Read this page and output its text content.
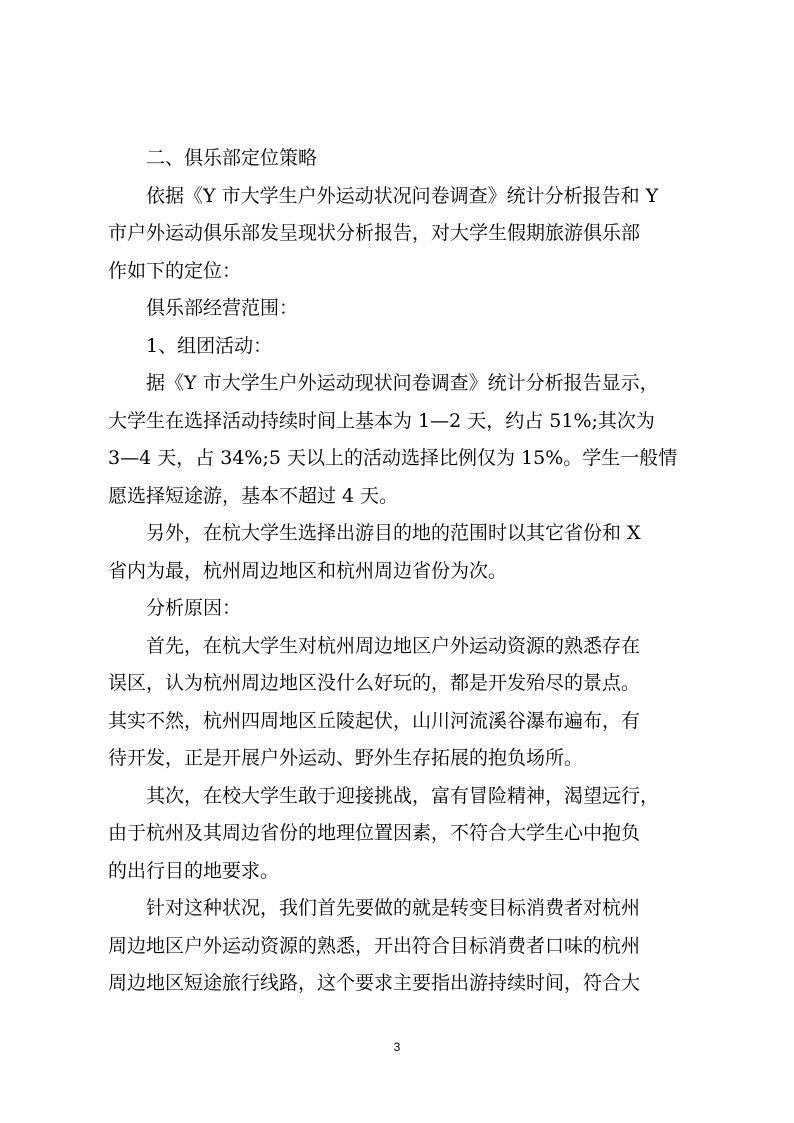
二、俱乐部定位策略
依据《Y 市大学生户外运动状况问卷调查》统计分析报告和 Y
市户外运动俱乐部发呈现状分析报告，对大学生假期旅游俱乐部
作如下的定位：
俱乐部经营范围：
1、组团活动：
据《Y 市大学生户外运动现状问卷调查》统计分析报告显示，
大学生在选择活动持续时间上基本为 1—2 天，约占 51%;其次为
3—4 天，占 34%;5 天以上的活动选择比例仅为 15%。学生一般情
愿选择短途游，基本不超过 4 天。
另外，在杭大学生选择出游目的地的范围时以其它省份和 X
省内为最，杭州周边地区和杭州周边省份为次。
分析原因：
首先，在杭大学生对杭州周边地区户外运动资源的熟悉存在
误区，认为杭州周边地区没什么好玩的，都是开发殆尽的景点。
其实不然，杭州四周地区丘陵起伏，山川河流溪谷瀑布遍布，有
待开发，正是开展户外运动、野外生存拓展的抱负场所。
其次，在校大学生敢于迎接挑战，富有冒险精神，渴望远行，
由于杭州及其周边省份的地理位置因素，不符合大学生心中抱负
的出行目的地要求。
针对这种状况，我们首先要做的就是转变目标消费者对杭州
周边地区户外运动资源的熟悉，开出符合目标消费者口味的杭州
周边地区短途旅行线路，这个要求主要指出游持续时间，符合大
3
